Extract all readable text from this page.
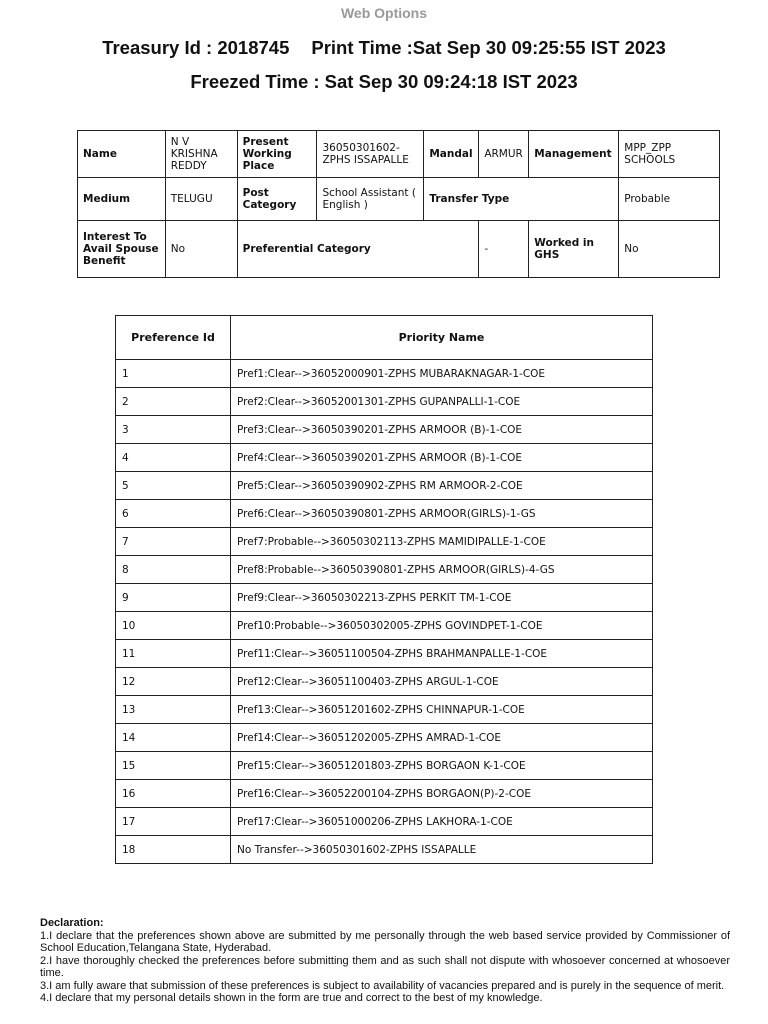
Web Options
Treasury Id : 2018745 Print Time :Sat Sep 30 09:25:55 IST 2023
Freezed Time : Sat Sep 30 09:24:18 IST 2023
Name	N V KRISHNA REDDY	Present Working Place	36050301602-ZPHS ISSAPALLE	Mandal	ARMUR	Management	MPP_ZPP SCHOOLS
Medium	TELUGU	Post Category	School Assistant ( English )	Transfer Type			Probable
Interest To Avail Spouse Benefit	No	Preferential Category			-	Worked in GHS	No
Preference Id	Priority Name
1	Pref1:Clear-->36052000901-ZPHS MUBARAKNAGAR-1-COE
2	Pref2:Clear-->36052001301-ZPHS GUPANPALLI-1-COE
3	Pref3:Clear-->36050390201-ZPHS ARMOOR (B)-1-COE
4	Pref4:Clear-->36050390201-ZPHS ARMOOR (B)-1-COE
5	Pref5:Clear-->36050390902-ZPHS RM ARMOOR-2-COE
6	Pref6:Clear-->36050390801-ZPHS ARMOOR(GIRLS)-1-GS
7	Pref7:Probable-->36050302113-ZPHS MAMIDIPALLE-1-COE
8	Pref8:Probable-->36050390801-ZPHS ARMOOR(GIRLS)-4-GS
9	Pref9:Clear-->36050302213-ZPHS PERKIT TM-1-COE
10	Pref10:Probable-->36050302005-ZPHS GOVINDPET-1-COE
11	Pref11:Clear-->36051100504-ZPHS BRAHMANPALLE-1-COE
12	Pref12:Clear-->36051100403-ZPHS ARGUL-1-COE
13	Pref13:Clear-->36051201602-ZPHS CHINNAPUR-1-COE
14	Pref14:Clear-->36051202005-ZPHS AMRAD-1-COE
15	Pref15:Clear-->36051201803-ZPHS BORGAON K-1-COE
16	Pref16:Clear-->36052200104-ZPHS BORGAON(P)-2-COE
17	Pref17:Clear-->36051000206-ZPHS LAKHORA-1-COE
18	No Transfer-->36050301602-ZPHS ISSAPALLE
Declaration:

1.I declare that the preferences shown above are submitted by me personally through the web based service provided by Commissioner of School Education,Telangana State, Hyderabad.

2.I have thoroughly checked the preferences before submitting them and as such shall not dispute with whosoever concerned at whosoever time.

3.I am fully aware that submission of these preferences is subject to availability of vacancies prepared and is purely in the sequence of merit.

4.I declare that my personal details shown in the form are true and correct to the best of my knowledge.
